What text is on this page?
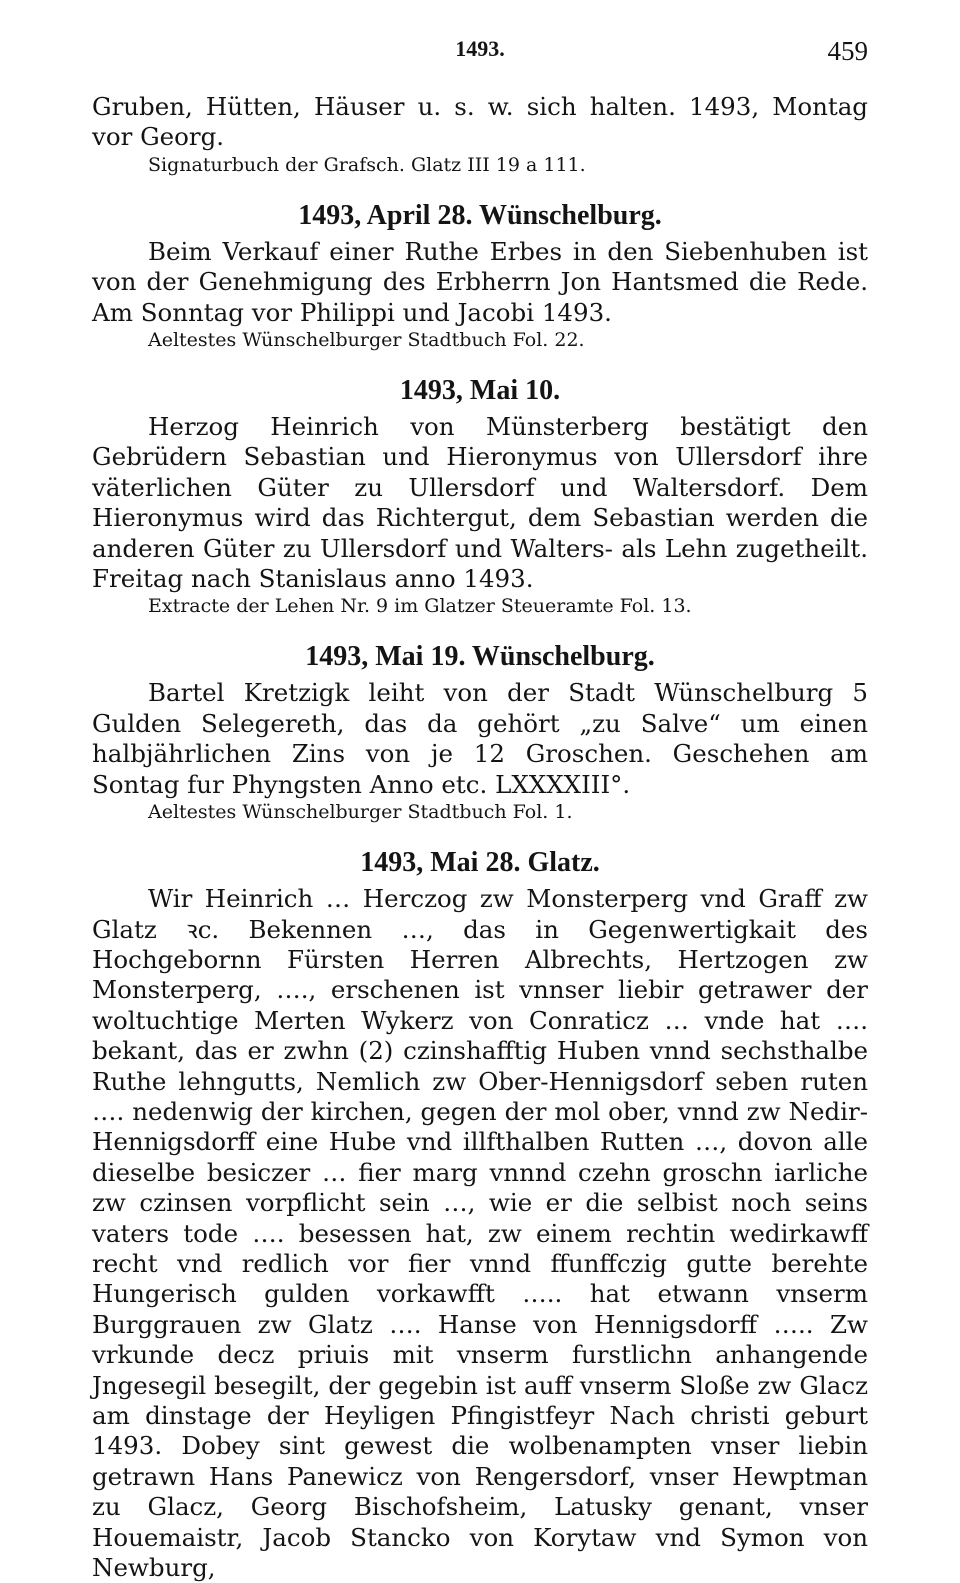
1493.	459

Gruben, Hütten, Häuser u. s. w. sich halten. 1493, Montag vor Georg.

Signaturbuch der Grafsch. Glatz III 19 a 111.

1493, April 28. Wünschelburg.

Beim Verkauf einer Ruthe Erbes in den Siebenhuben ist von der Genehmigung des Erbherrn Jon Hantsmed die Rede. Am Sonntag vor Philippi und Jacobi 1493.

Aeltestes Wünschelburger Stadtbuch Fol. 22.

1493, Mai 10.

Herzog Heinrich von Münsterberg bestätigt den Gebrüdern Sebastian und Hieronymus von Ullersdorf ihre väterlichen Güter zu Ullersdorf und Waltersdorf. Dem Hieronymus wird das Richtergut, dem Sebastian werden die anderen Güter zu Ullersdorf und Walters- als Lehn zugetheilt. Freitag nach Stanislaus anno 1493.

Extracte der Lehen Nr. 9 im Glatzer Steueramte Fol. 13.

1493, Mai 19. Wünschelburg.

Bartel Kretzigk leiht von der Stadt Wünschelburg 5 Gulden Selegereth, das da gehört „zu Salve“ um einen halbjährlichen Zins von je 12 Groschen. Geschehen am Sontag fur Phyngsten Anno etc. LXXXXIII°.

Aeltestes Wünschelburger Stadtbuch Fol. 1.

1493, Mai 28. Glatz.

Wir Heinrich … Herczog zw Monsterperg vnd Graff zw Glatz ꝛc. Bekennen …, das in Gegenwertigkait des Hochgebornn Fürsten Herren Albrechts, Hertzogen zw Monsterperg, …., erschenen ist vnnser liebir getrawer der woltuchtige Merten Wykerz von Conraticz … vnde hat …. bekant, das er zwhn (2) czinshafftig Huben vnnd sechsthalbe Ruthe lehngutts, Nemlich zw Ober-Hennigsdorf seben ruten …. nedenwig der kirchen, gegen der mol ober, vnnd zw Nedir-Hennigsdorff eine Hube vnd illfthalben Rutten …, dovon alle dieselbe besiczer … fier marg vnnnd czehn groschn iarliche zw czinsen vorpflicht sein …, wie er die selbist noch seins vaters tode …. besessen hat, zw einem rechtin wedirkawff recht vnd redlich vor fier vnnd ffunffczig gutte berehte Hungerisch gulden vorkawfft ….. hat etwann vnserm Burggrauen zw Glatz …. Hanse von Hennigsdorff ….. Zw vrkunde decz priuis mit vnserm furstlichn anhangende Jngesegil besegilt, der gegebin ist auff vnserm Sloße zw Glacz am dinstage der Heyligen Pfingistfeyr Nach christi geburt 1493. Dobey sint gewest die wolbenampten vnser liebin getrawn Hans Panewicz von Rengersdorf, vnser Hewptman zu Glacz, Georg Bischofsheim, Latusky genant, vnser Houemaistr, Jacob Stancko von Korytaw vnd Symon von Newburg,
